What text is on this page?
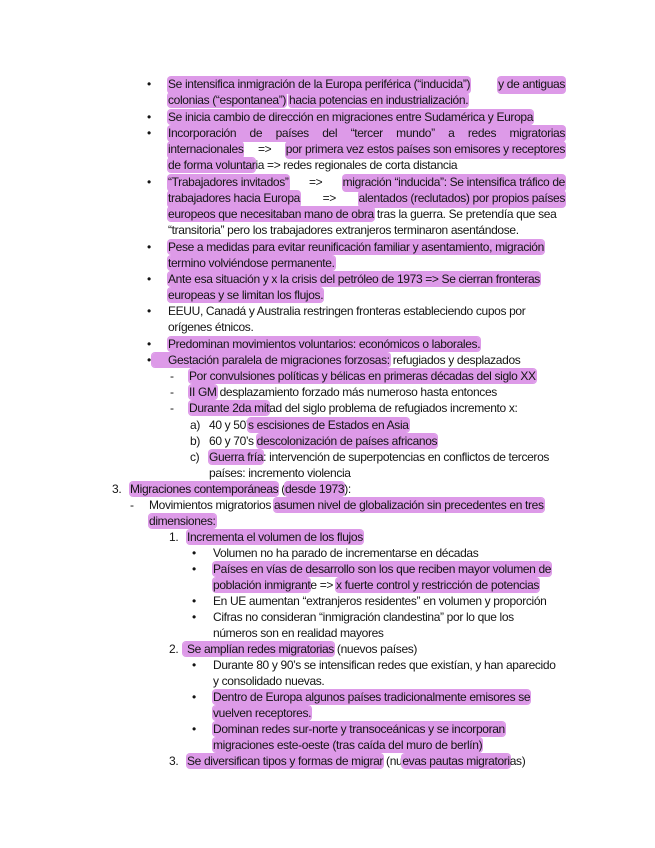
• Se intensifica inmigración de la Europa periférica (“inducida”) y de antiguas
colonias (“espontanea”) hacia potencias en industrialización.
• Se inicia cambio de dirección en migraciones entre Sudamérica y Europa
• Incorporación de países del “tercer mundo” a redes migratorias
internacionales => por primera vez estos países son emisores y receptores
de forma voluntaria => redes regionales de corta distancia
• “Trabajadores invitados” => migración “inducida”: Se intensifica tráfico de
trabajadores hacia Europa => alentados (reclutados) por propios países
europeos que necesitaban mano de obra tras la guerra. Se pretendía que sea
“transitoria” pero los trabajadores extranjeros terminaron asentándose.
• Pese a medidas para evitar reunificación familiar y asentamiento, migración
termino volviéndose permanente.
• Ante esa situación y x la crisis del petróleo de 1973 => Se cierran fronteras
europeas y se limitan los flujos.
• EEUU, Canadá y Australia restringen fronteras estableciendo cupos por
orígenes étnicos.
• Predominan movimientos voluntarios: económicos o laborales.
•	Gestación paralela de migraciones forzosas: refugiados y desplazados
- Por convulsiones políticas y bélicas en primeras décadas del siglo XX
- II GM desplazamiento forzado más numeroso hasta entonces
- Durante 2da mitad del siglo problema de refugiados incremento x:
a) 40 y 50’s escisiones de Estados en Asia
b) 60 y 70’s descolonización de países africanos
c) Guerra fría: intervención de superpotencias en conflictos de terceros
países: incremento violencia
3. Migraciones contemporáneas (desde 1973):
- Movimientos migratorios asumen nivel de globalización sin precedentes en tres
dimensiones:
1. Incrementa el volumen de los flujos
• Volumen no ha parado de incrementarse en décadas
• Países en vías de desarrollo son los que reciben mayor volumen de
población inmigrante => x fuerte control y restricción de potencias
• En UE aumentan “extranjeros residentes” en volumen y proporción
• Cifras no consideran “inmigración clandestina” por lo que los
números son en realidad mayores
2. Se amplían redes migratorias (nuevos países)
• Durante 80 y 90’s se intensifican redes que existían, y han aparecido
y consolidado nuevas.
• Dentro de Europa algunos países tradicionalmente emisores se
vuelven receptores.
• Dominan redes sur-norte y transoceánicas y se incorporan
migraciones este-oeste (tras caída del muro de berlín)
3. Se diversifican tipos y formas de migrar (nuevas pautas migratorias)
